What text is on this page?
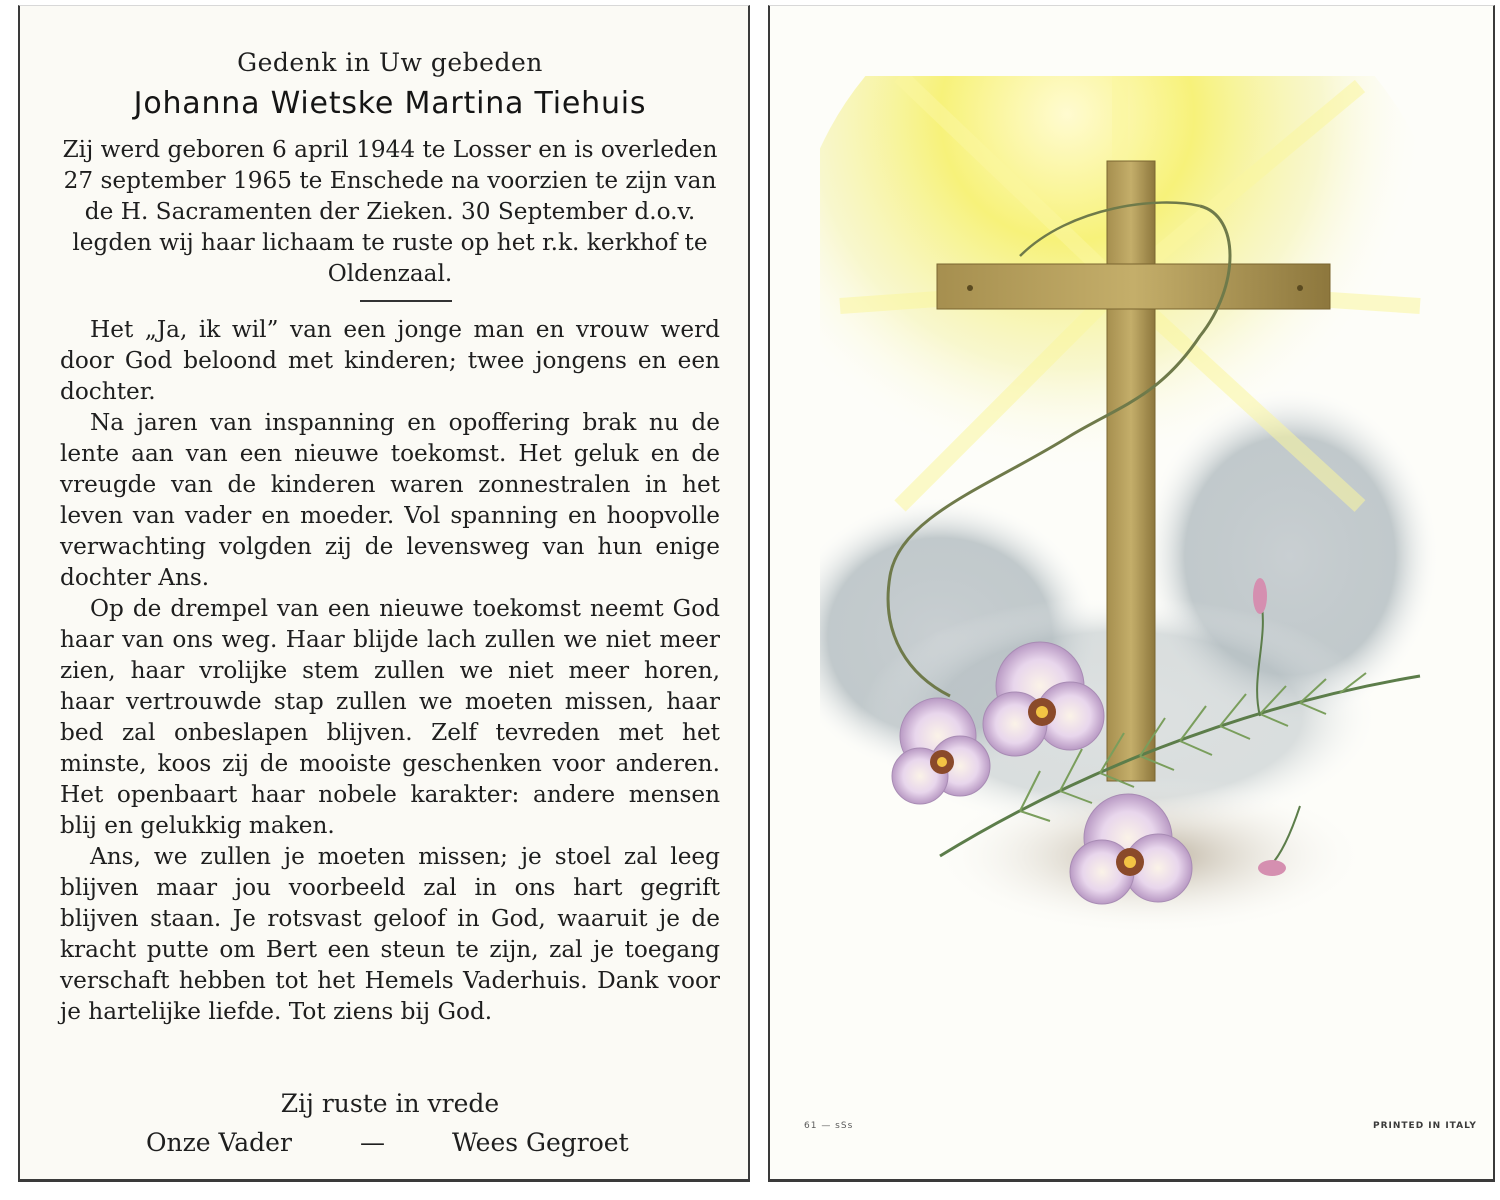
Gedenk in Uw gebeden
Johanna Wietske Martina Tiehuis

Zij werd geboren 6 april 1944 te Losser en is overleden 27 september 1965 te Enschede na voorzien te zijn van de H. Sacramenten der Zieken. 30 September d.o.v. legden wij haar lichaam te ruste op het r.k. kerkhof te Oldenzaal.

Het „Ja, ik wil” van een jonge man en vrouw werd door God beloond met kinderen; twee jongens en een dochter.

Na jaren van inspanning en opoffering brak nu de lente aan van een nieuwe toekomst. Het geluk en de vreugde van de kinderen waren zonnestralen in het leven van vader en moeder. Vol spanning en hoopvolle verwachting volgden zij de levensweg van hun enige dochter Ans.

Op de drempel van een nieuwe toekomst neemt God haar van ons weg. Haar blijde lach zullen we niet meer zien, haar vrolijke stem zullen we niet meer horen, haar vertrouwde stap zullen we moeten missen, haar bed zal onbeslapen blijven. Zelf tevreden met het minste, koos zij de mooiste geschenken voor anderen. Het openbaart haar nobele karakter: andere mensen blij en gelukkig maken.

Ans, we zullen je moeten missen; je stoel zal leeg blijven maar jou voorbeeld zal in ons hart gegrift blijven staan. Je rotsvast geloof in God, waaruit je de kracht putte om Bert een steun te zijn, zal je toegang verschaft hebben tot het Hemels Vaderhuis. Dank voor je hartelijke liefde. Tot ziens bij God.

Zij ruste in vrede
Onze Vader	—	Wees Gegroet
61 — sSs	PRINTED IN ITALY
